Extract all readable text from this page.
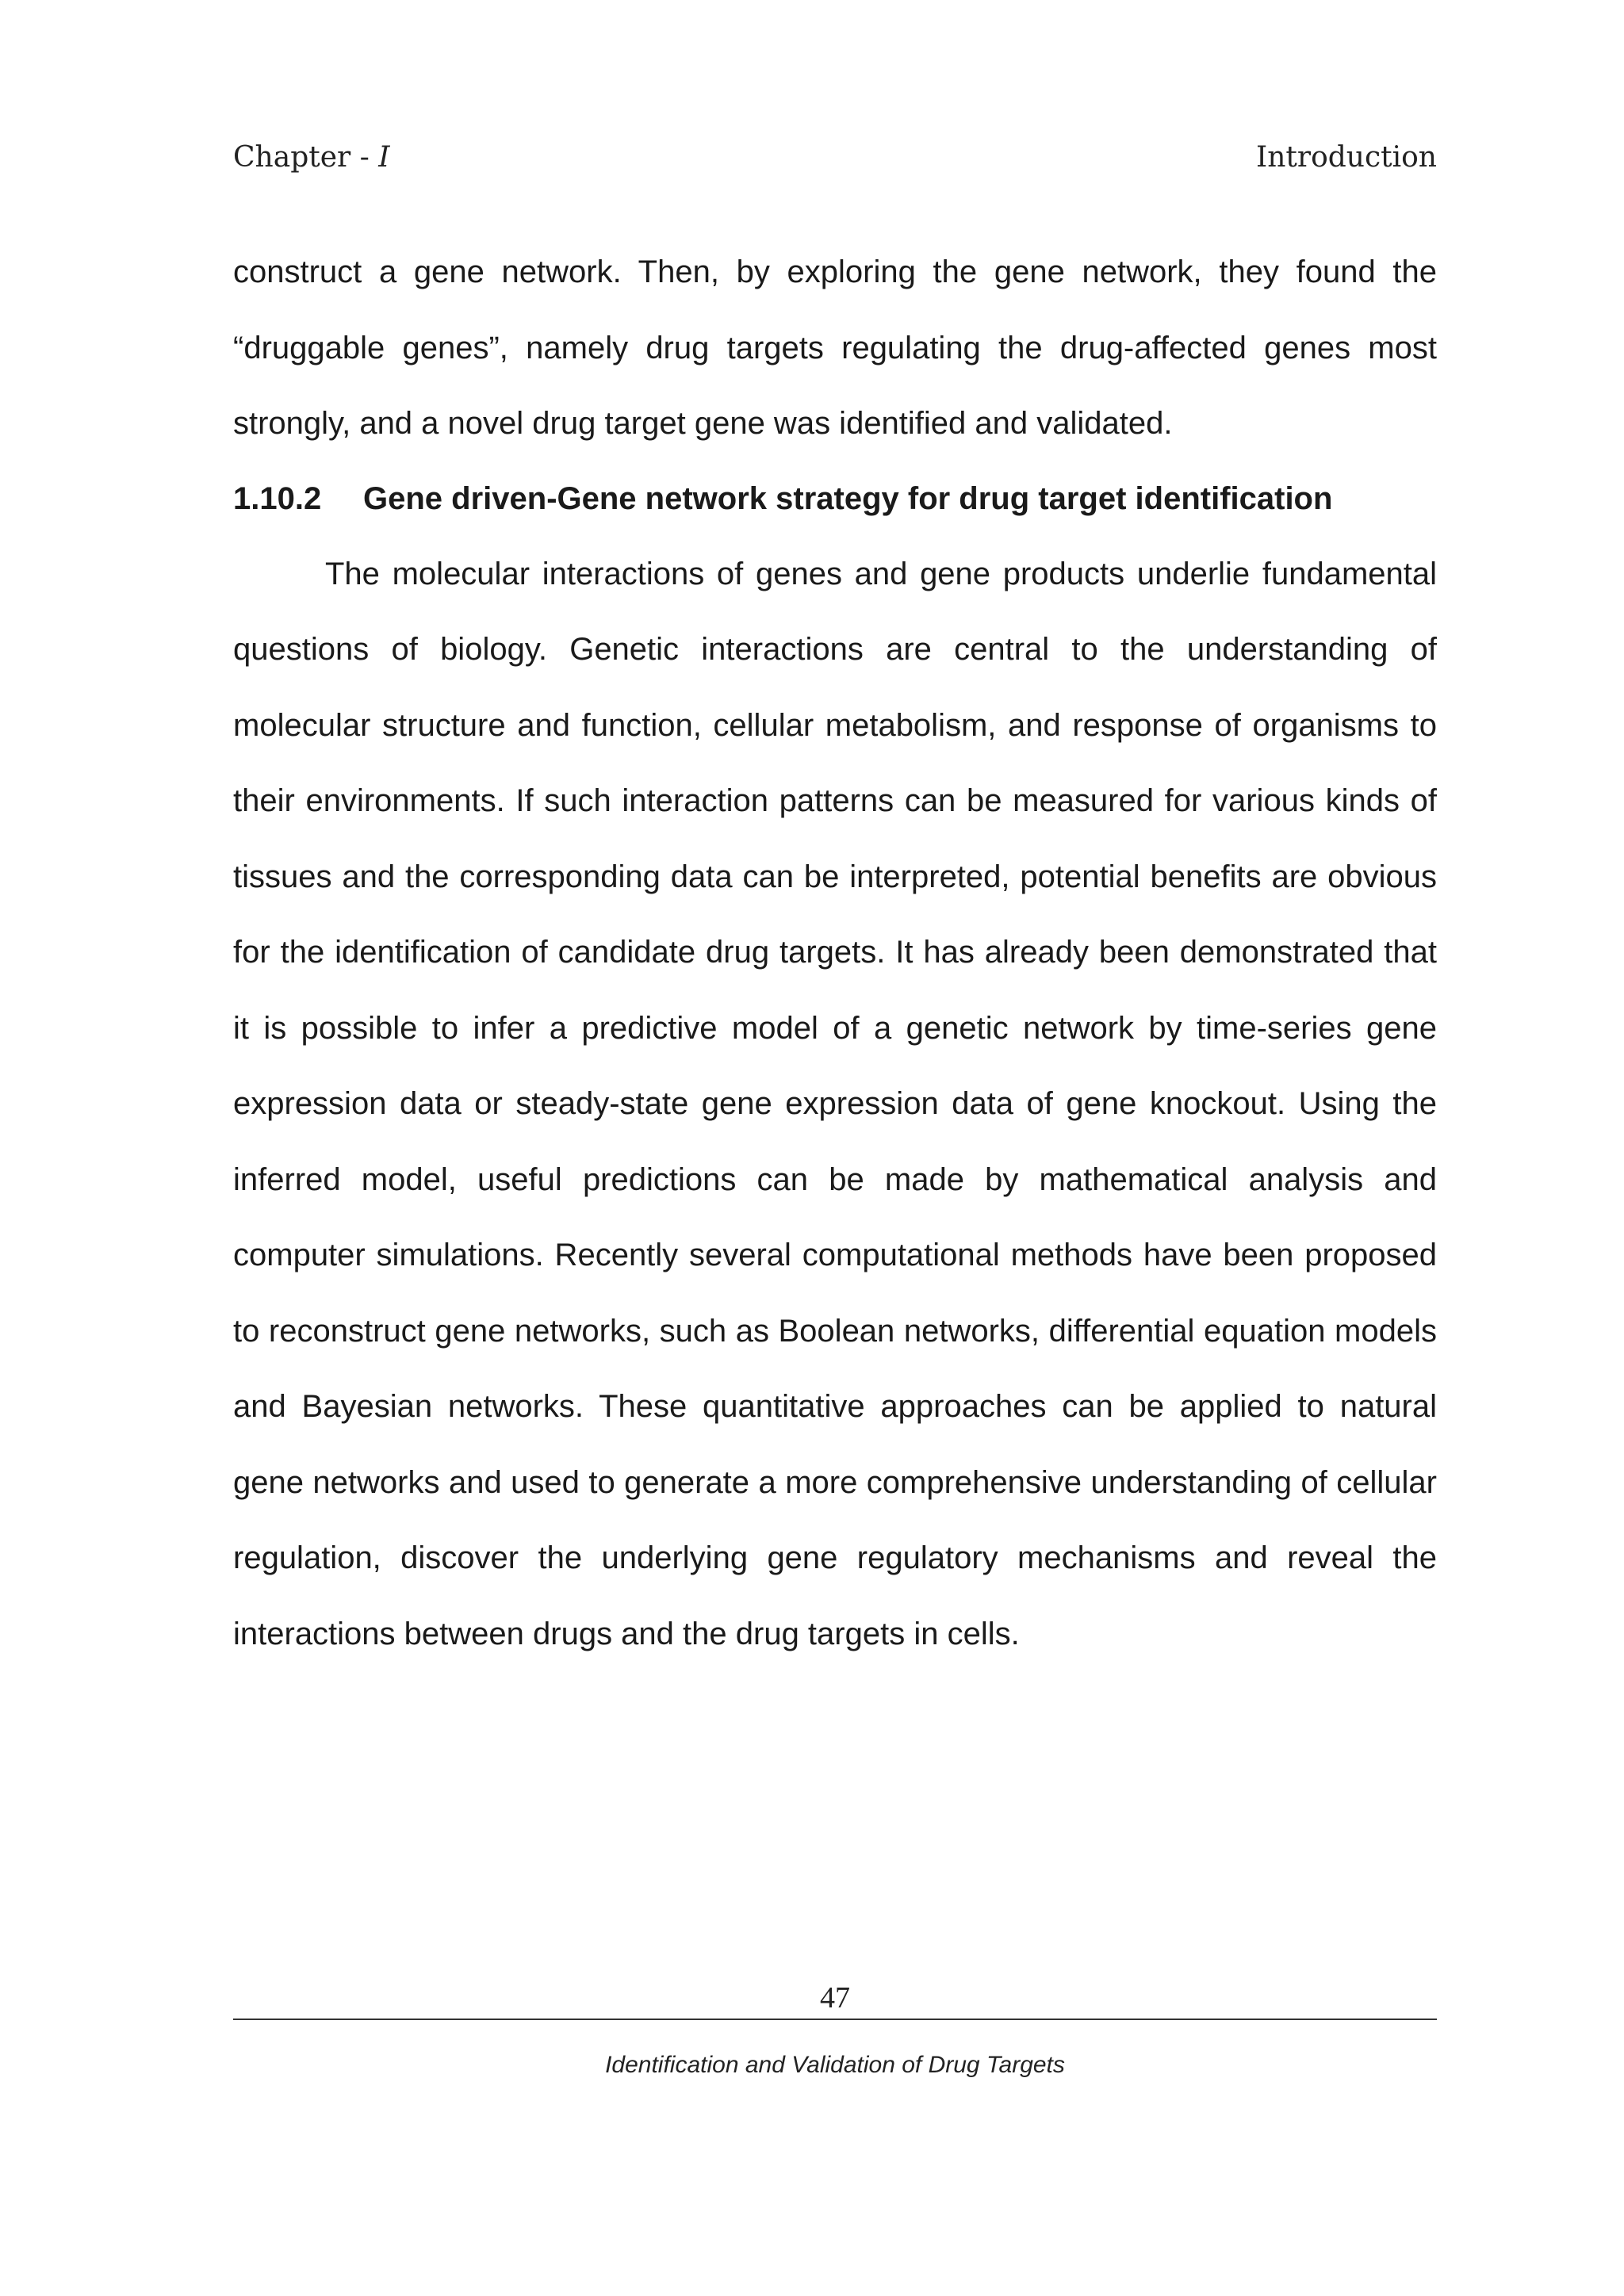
Chapter - I	Introduction

construct a gene network. Then, by exploring the gene network, they found the “druggable genes”, namely drug targets regulating the drug-affected genes most strongly, and a novel drug target gene was identified and validated.

1.10.2 Gene driven-Gene network strategy for drug target identification

The molecular interactions of genes and gene products underlie fundamental questions of biology. Genetic interactions are central to the understanding of molecular structure and function, cellular metabolism, and response of organisms to their environments. If such interaction patterns can be measured for various kinds of tissues and the corresponding data can be interpreted, potential benefits are obvious for the identification of candidate drug targets. It has already been demonstrated that it is possible to infer a predictive model of a genetic network by time-series gene expression data or steady-state gene expression data of gene knockout. Using the inferred model, useful predictions can be made by mathematical analysis and computer simulations. Recently several computational methods have been proposed to reconstruct gene networks, such as Boolean networks, differential equation models and Bayesian networks. These quantitative approaches can be applied to natural gene networks and used to generate a more comprehensive understanding of cellular regulation, discover the underlying gene regulatory mechanisms and reveal the interactions between drugs and the drug targets in cells.

47
Identification and Validation of Drug Targets
